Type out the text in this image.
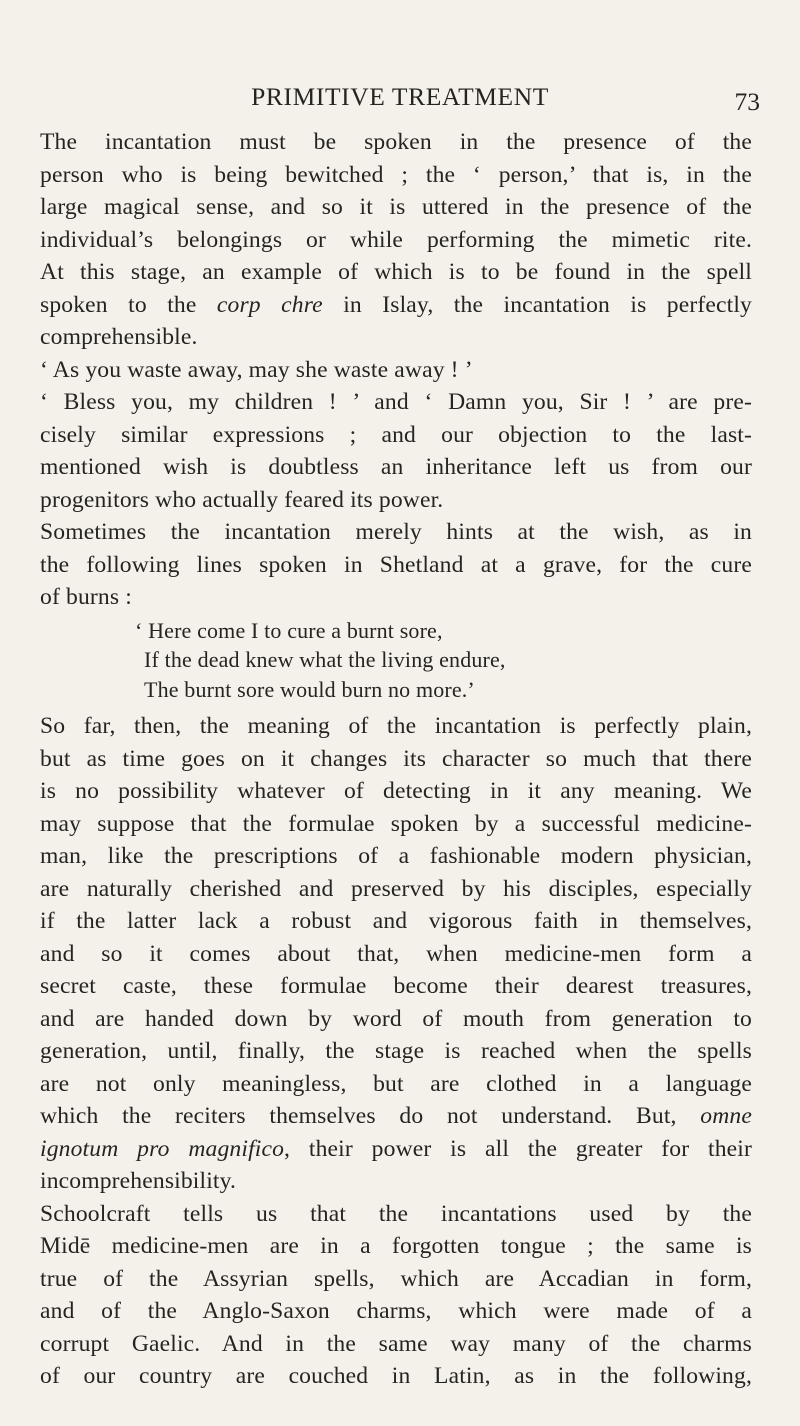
PRIMITIVE TREATMENT	73
The incantation must be spoken in the presence of the
person who is being bewitched ; the ‘ person,’ that is, in the
large magical sense, and so it is uttered in the presence of the
individual’s belongings or while performing the mimetic rite.
At this stage, an example of which is to be found in the spell
spoken to the corp chre in Islay, the incantation is perfectly
comprehensible.
‘ As you waste away, may she waste away ! ’
‘ Bless you, my children ! ’ and ‘ Damn you, Sir ! ’ are pre-
cisely similar expressions ; and our objection to the last-
mentioned wish is doubtless an inheritance left us from our
progenitors who actually feared its power.
Sometimes the incantation merely hints at the wish, as in
the following lines spoken in Shetland at a grave, for the cure
of burns :
‘ Here come I to cure a burnt sore,
If the dead knew what the living endure,
The burnt sore would burn no more.’
So far, then, the meaning of the incantation is perfectly plain,
but as time goes on it changes its character so much that there
is no possibility whatever of detecting in it any meaning. We
may suppose that the formulae spoken by a successful medicine-
man, like the prescriptions of a fashionable modern physician,
are naturally cherished and preserved by his disciples, especially
if the latter lack a robust and vigorous faith in themselves,
and so it comes about that, when medicine-men form a
secret caste, these formulae become their dearest treasures,
and are handed down by word of mouth from generation to
generation, until, finally, the stage is reached when the spells
are not only meaningless, but are clothed in a language
which the reciters themselves do not understand. But, omne
ignotum pro magnifico, their power is all the greater for their
incomprehensibility.
Schoolcraft tells us that the incantations used by the
Midē medicine-men are in a forgotten tongue ; the same is
true of the Assyrian spells, which are Accadian in form,
and of the Anglo-Saxon charms, which were made of a
corrupt Gaelic. And in the same way many of the charms
of our country are couched in Latin, as in the following,
